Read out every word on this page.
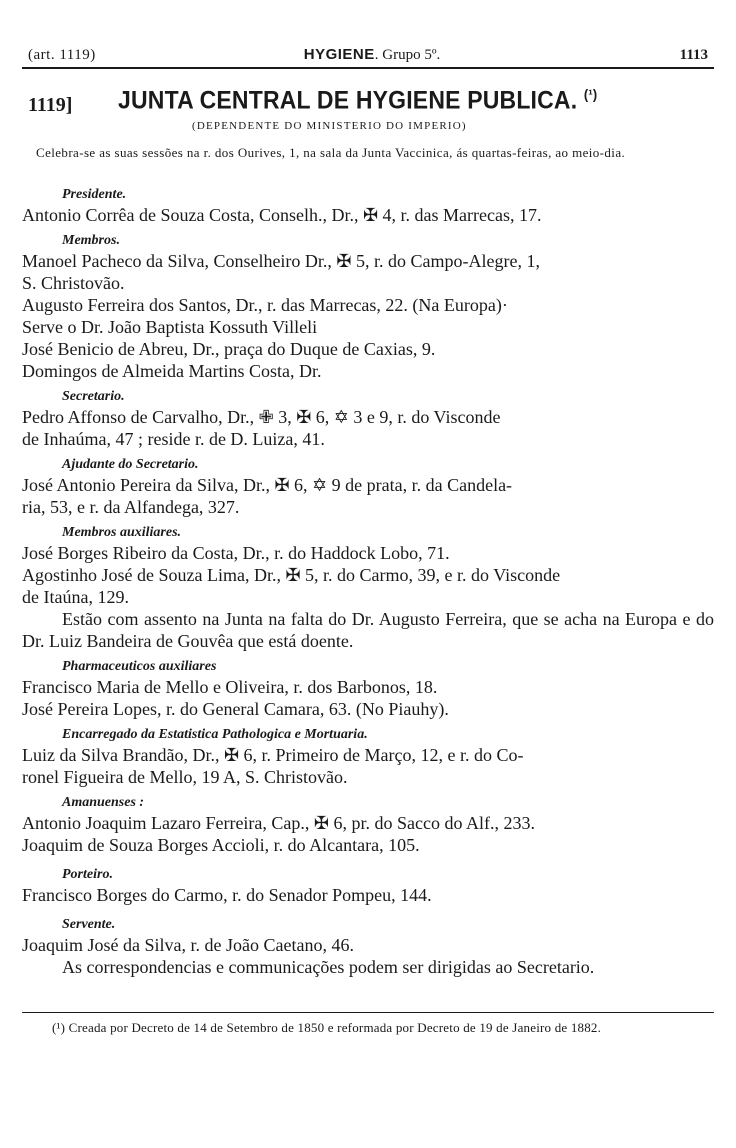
(art. 1119)	HYGIENE. Grupo 5º.	1113
1119] JUNTA CENTRAL DE HYGIENE PUBLICA. $^{(^1)}$
(DEPENDENTE DO MINISTERIO DO IMPERIO)
Celebra-se as suas sessões na r. dos Ourives, 1, na sala da Junta Vaccinica, ás quartas-feiras, ao meio-dia.
Presidente.

Antonio Corrêa de Souza Costa, Conselh., Dr., ✠ 4, r. das Marrecas, 17.

Membros.

Manoel Pacheco da Silva, Conselheiro Dr., ✠ 5, r. do Campo-Alegre, 1,
S. Christovão.

Augusto Ferreira dos Santos, Dr., r. das Marrecas, 22. (Na Europa)·
Serve o Dr. João Baptista Kossuth Villeli

José Benicio de Abreu, Dr., praça do Duque de Caxias, 9.

Domingos de Almeida Martins Costa, Dr.

Secretario.

Pedro Affonso de Carvalho, Dr., ✙ 3, ✠ 6, ✡ 3 e 9, r. do Visconde
de Inhaúma, 47 ; reside r. de D. Luiza, 41.

Ajudante do Secretario.

José Antonio Pereira da Silva, Dr., ✠ 6, ✡ 9 de prata, r. da Candela-
ria, 53, e r. da Alfandega, 327.

Membros auxiliares.

José Borges Ribeiro da Costa, Dr., r. do Haddock Lobo, 71.

Agostinho José de Souza Lima, Dr., ✠ 5, r. do Carmo, 39, e r. do Visconde
de Itaúna, 129.

Estão com assento na Junta na falta do Dr. Augusto Ferreira, que se acha na Europa e do Dr. Luiz Bandeira de Gouvêa que está doente.

Pharmaceuticos auxiliares

Francisco Maria de Mello e Oliveira, r. dos Barbonos, 18.

José Pereira Lopes, r. do General Camara, 63. (No Piauhy).

Encarregado da Estatistica Pathologica e Mortuaria.

Luiz da Silva Brandão, Dr., ✠ 6, r. Primeiro de Março, 12, e r. do Co-
ronel Figueira de Mello, 19 A, S. Christovão.

Amanuenses :

Antonio Joaquim Lazaro Ferreira, Cap., ✠ 6, pr. do Sacco do Alf., 233.

Joaquim de Souza Borges Accioli, r. do Alcantara, 105.

Porteiro.

Francisco Borges do Carmo, r. do Senador Pompeu, 144.

Servente.

Joaquim José da Silva, r. de João Caetano, 46.

As correspondencias e communicações podem ser dirigidas ao Secretario.

(¹) Creada por Decreto de 14 de Setembro de 1850 e reformada por Decreto de 19 de Janeiro de 1882.
